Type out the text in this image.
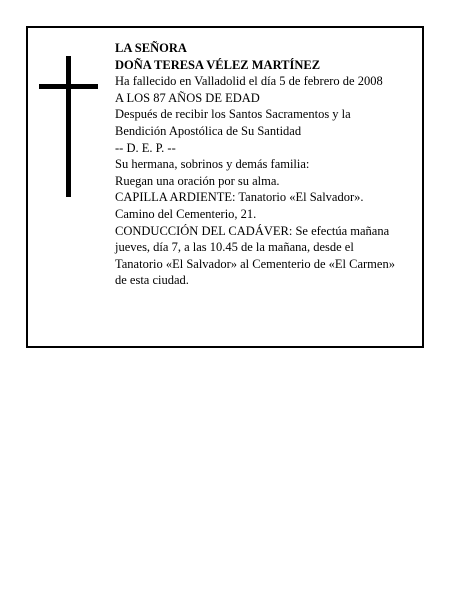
LA SEÑORA
DOÑA TERESA VÉLEZ MARTÍNEZ
Ha fallecido en Valladolid el día 5 de febrero de 2008
A LOS 87 AÑOS DE EDAD
Después de recibir los Santos Sacramentos y la
Bendición Apostólica de Su Santidad
-- D. E. P. --
Su hermana, sobrinos y demás familia:
Ruegan una oración por su alma.
CAPILLA ARDIENTE: Tanatorio «El Salvador».
Camino del Cementerio, 21.
CONDUCCIÓN DEL CADÁVER: Se efectúa mañana
jueves, día 7, a las 10.45 de la mañana, desde el
Tanatorio «El Salvador» al Cementerio de «El Carmen»
de esta ciudad.
